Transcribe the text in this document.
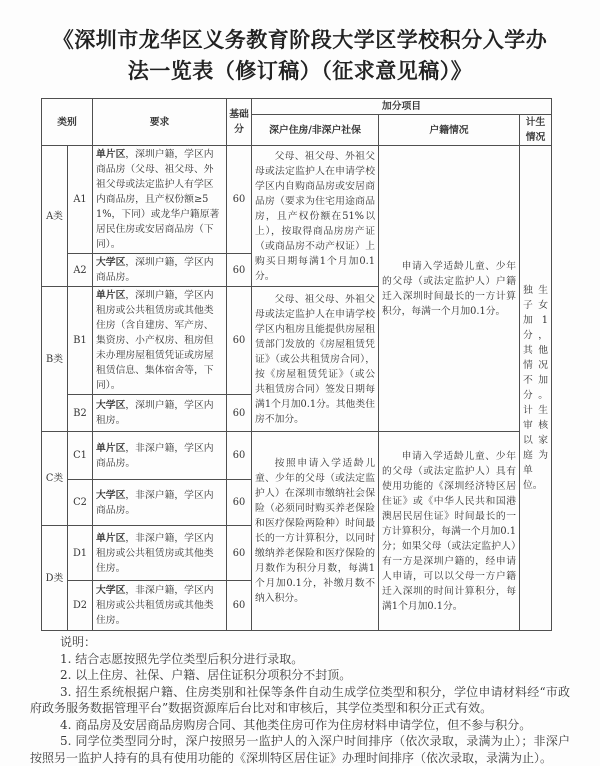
《深圳市龙华区义务教育阶段大学区学校积分入学办
法一览表（修订稿）（征求意见稿）》
类别		要求	基础分	加分项目		
				深户住房/非深户社保	户籍情况	计生情况
A类	A1	单片区，深圳户籍，学区内商品房（父母、祖父母、外祖父母或法定监护人有学区内商品房，且产权份额≥51%，下同）或龙华户籍原著居民住房或安居商品房（下同）。	60	父母、祖父母、外祖父母或法定监护人在申请学校学区内自购商品房或安居商品房（要求为住宅用途商品房，且产权份额在51%以上），按取得商品房房产证（或商品房不动产权证）上购买日期每满1个月加0.1分。	申请入学适龄儿童、少年的父母（或法定监护人）户籍迁入深圳时间最长的一方计算积分，每满一个月加0.1分。	独生子女加1分，其他情况不加分。计生审核以家庭为单位。
	A2	大学区，深圳户籍，学区内商品房。	60			
B类	B1	单片区，深圳户籍，学区内租房或公共租赁房或其他类住房（含自建房、军产房、集资房、小产权房、租房但未办理房屋租赁凭证或房屋租赁信息、集体宿舍等，下同）。	60	父母、祖父母、外祖父母或法定监护人在申请学校学区内租房且能提供房屋租赁部门发放的《房屋租赁凭证》（或公共租赁房合同），按《房屋租赁凭证》（或公共租赁房合同）签发日期每满1个月加0.1分。其他类住房不加分。		
	B2	大学区，深圳户籍，学区内租房。	60			
C类	C1	单片区，非深户籍，学区内商品房。	60	按照申请入学适龄儿童、少年的父母（或法定监护人）在深圳市缴纳社会保险（必须同时购买养老保险和医疗保险两险种）时间最长的一方计算积分，以同时缴纳养老保险和医疗保险的月数作为积分月数，每满1个月加0.1分，补缴月数不纳入积分。	申请入学适龄儿童、少年的父母（或法定监护人）具有使用功能的《深圳经济特区居住证》或《中华人民共和国港澳居民居住证》时间最长的一方计算积分，每满一个月加0.1分；如果父母（或法定监护人）有一方是深圳户籍的，经申请人申请，可以以父母一方户籍迁入深圳的时间计算积分，每满1个月加0.1分。	
	C2	大学区，非深户籍，学区内商品房。	60			
D类	D1	单片区，非深户籍，学区内租房或公共租赁房或其他类住房。	60			
	D2	大学区，非深户籍，学区内租房或公共租赁房或其他类住房。	60			

说明：

1. 结合志愿按照先学位类型后积分进行录取。

2. 以上住房、社保、户籍、居住证积分项积分不封顶。

3. 招生系统根据户籍、住房类别和社保等条件自动生成学位类型和积分，学位申请材料经“市政府政务服务数据管理平台”数据资源库后台比对和审核后，其学位类型和积分正式有效。

4. 商品房及安居商品房购房合同、其他类住房可作为住房材料申请学位，但不参与积分。

5. 同学位类型同分时，深户按照另一监护人的入深户时间排序（依次录取，录满为止）；非深户按照另一监护人持有的具有使用功能的《深圳特区居住证》办理时间排序（依次录取，录满为止）。
